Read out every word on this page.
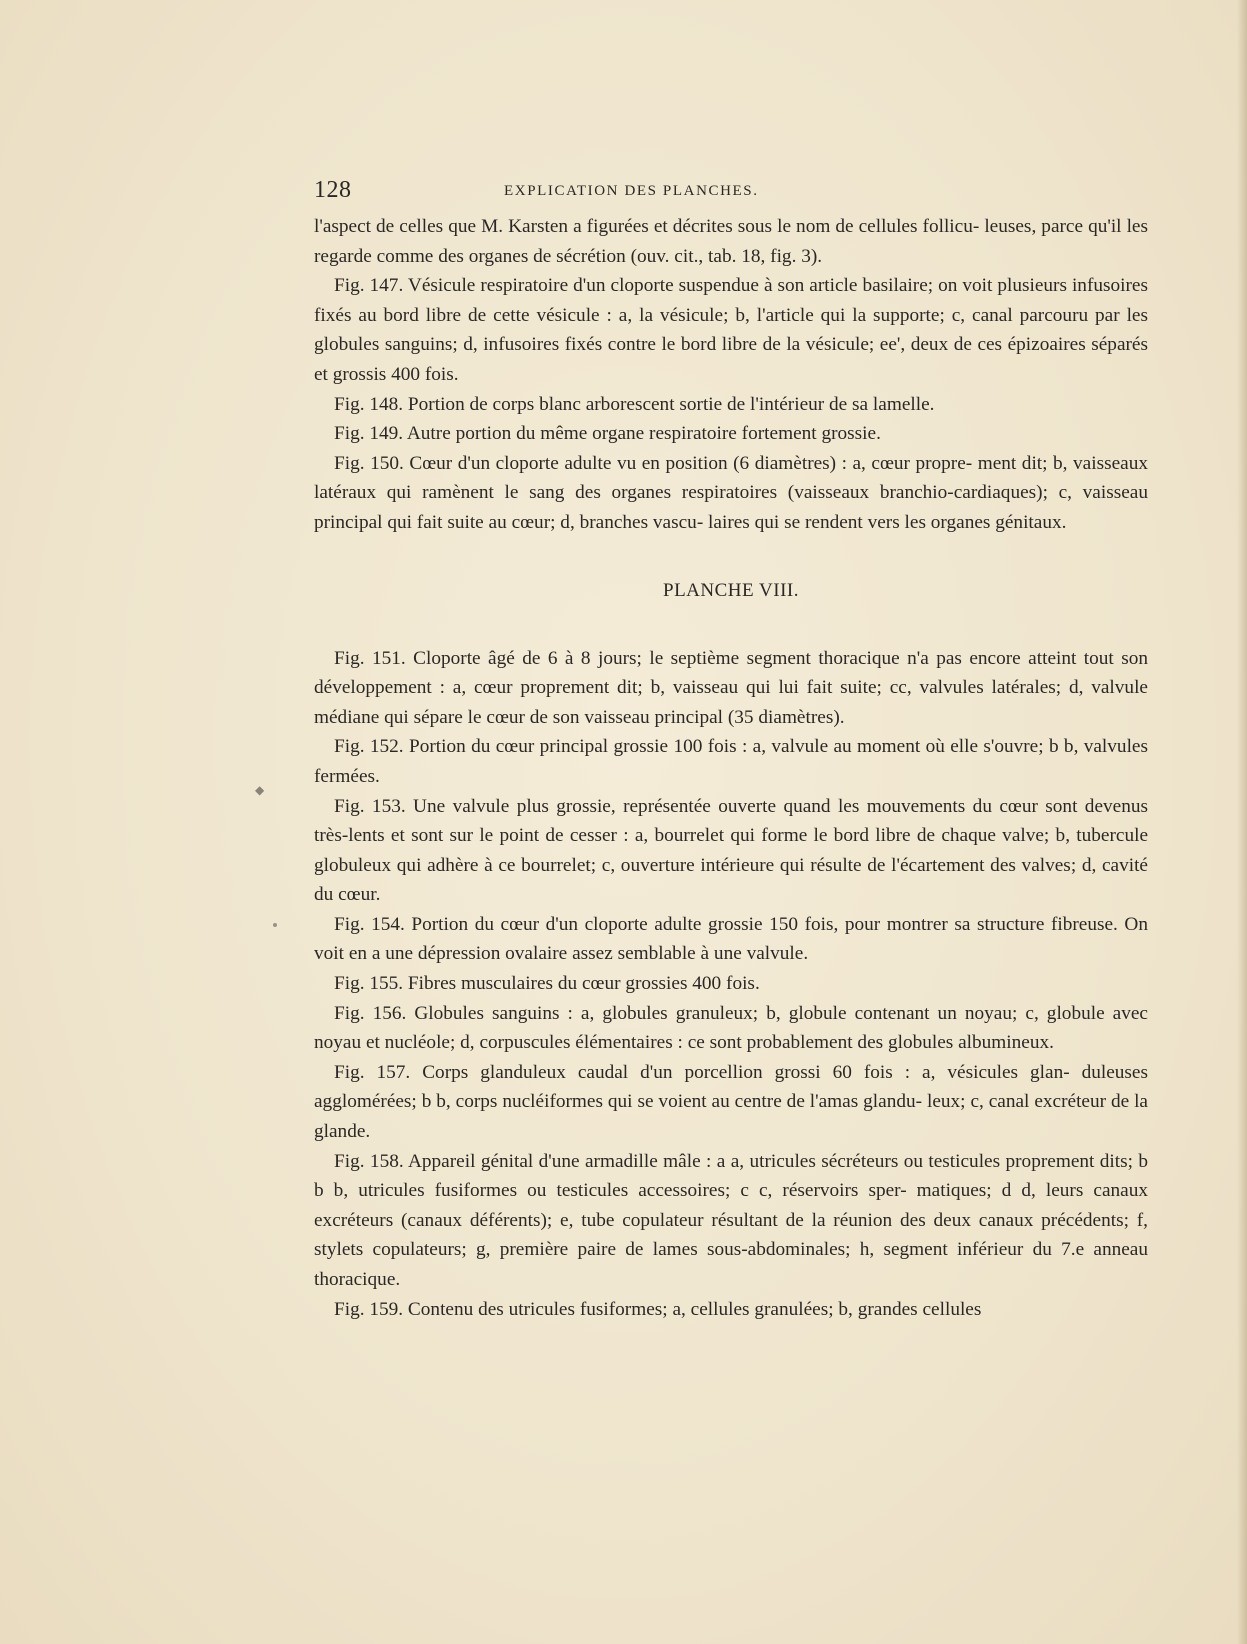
128	EXPLICATION DES PLANCHES.

l'aspect de celles que M. Karsten a figurées et décrites sous le nom de cellules follicu- leuses, parce qu'il les regarde comme des organes de sécrétion (ouv. cit., tab. 18, fig. 3).

Fig. 147. Vésicule respiratoire d'un cloporte suspendue à son article basilaire; on voit plusieurs infusoires fixés au bord libre de cette vésicule : a, la vésicule; b, l'article qui la supporte; c, canal parcouru par les globules sanguins; d, infusoires fixés contre le bord libre de la vésicule; ee', deux de ces épizoaires séparés et grossis 400 fois.

Fig. 148. Portion de corps blanc arborescent sortie de l'intérieur de sa lamelle.

Fig. 149. Autre portion du même organe respiratoire fortement grossie.

Fig. 150. Cœur d'un cloporte adulte vu en position (6 diamètres) : a, cœur propre- ment dit; b, vaisseaux latéraux qui ramènent le sang des organes respiratoires (vaisseaux branchio-cardiaques); c, vaisseau principal qui fait suite au cœur; d, branches vascu- laires qui se rendent vers les organes génitaux.

PLANCHE VIII.

Fig. 151. Cloporte âgé de 6 à 8 jours; le septième segment thoracique n'a pas encore atteint tout son développement : a, cœur proprement dit; b, vaisseau qui lui fait suite; cc, valvules latérales; d, valvule médiane qui sépare le cœur de son vaisseau principal (35 diamètres).

Fig. 152. Portion du cœur principal grossie 100 fois : a, valvule au moment où elle s'ouvre; b b, valvules fermées.

Fig. 153. Une valvule plus grossie, représentée ouverte quand les mouvements du cœur sont devenus très-lents et sont sur le point de cesser : a, bourrelet qui forme le bord libre de chaque valve; b, tubercule globuleux qui adhère à ce bourrelet; c, ouverture intérieure qui résulte de l'écartement des valves; d, cavité du cœur.

Fig. 154. Portion du cœur d'un cloporte adulte grossie 150 fois, pour montrer sa structure fibreuse. On voit en a une dépression ovalaire assez semblable à une valvule.

Fig. 155. Fibres musculaires du cœur grossies 400 fois.

Fig. 156. Globules sanguins : a, globules granuleux; b, globule contenant un noyau; c, globule avec noyau et nucléole; d, corpuscules élémentaires : ce sont probablement des globules albumineux.

Fig. 157. Corps glanduleux caudal d'un porcellion grossi 60 fois : a, vésicules glan- duleuses agglomérées; b b, corps nucléiformes qui se voient au centre de l'amas glandu- leux; c, canal excréteur de la glande.

Fig. 158. Appareil génital d'une armadille mâle : a a, utricules sécréteurs ou testicules proprement dits; b b b, utricules fusiformes ou testicules accessoires; c c, réservoirs sper- matiques; d d, leurs canaux excréteurs (canaux déférents); e, tube copulateur résultant de la réunion des deux canaux précédents; f, stylets copulateurs; g, première paire de lames sous-abdominales; h, segment inférieur du 7.e anneau thoracique.

Fig. 159. Contenu des utricules fusiformes; a, cellules granulées; b, grandes cellules

◆
